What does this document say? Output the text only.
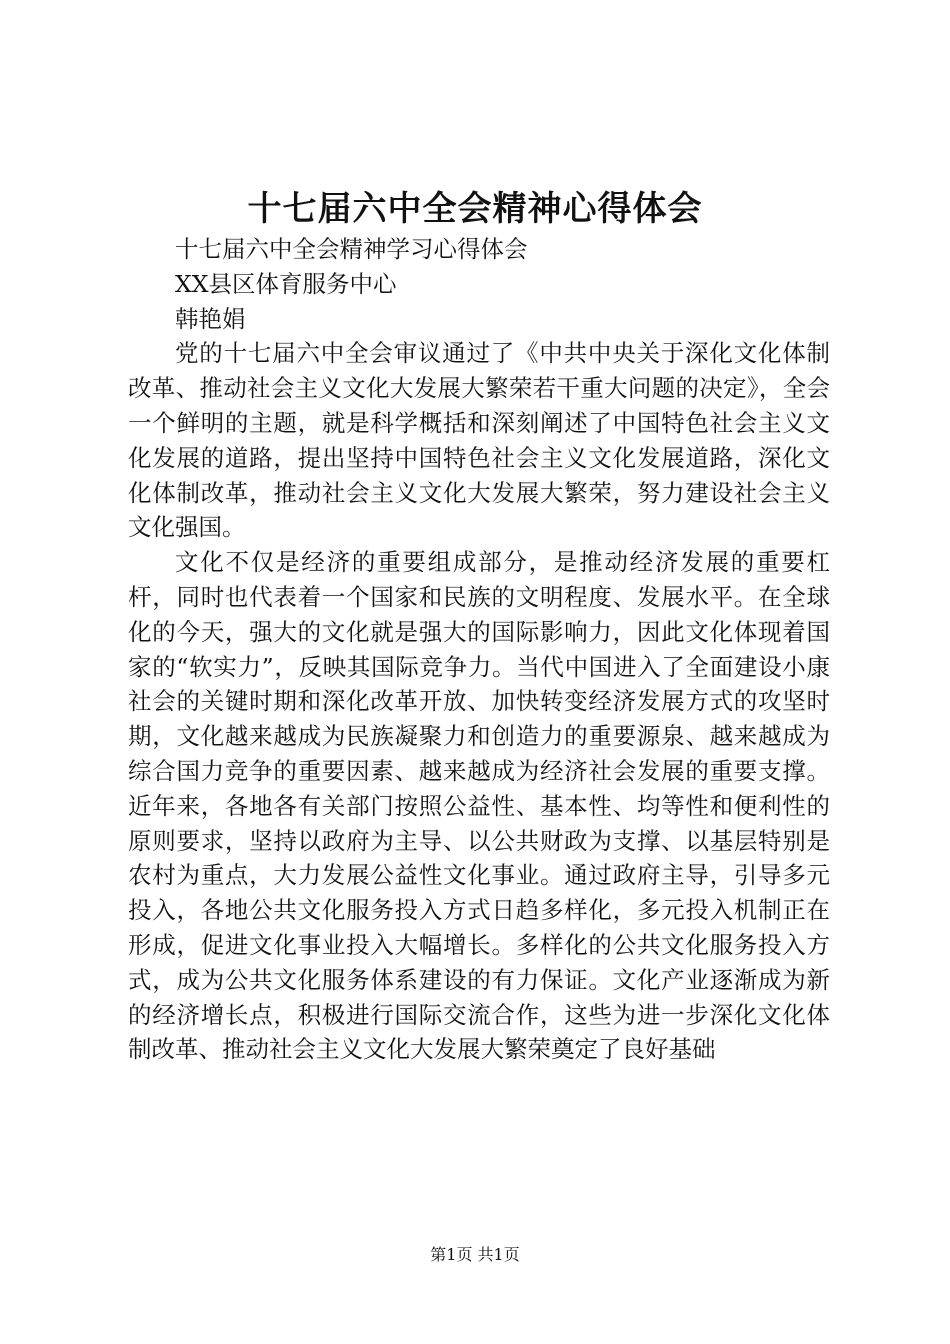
十七届六中全会精神心得体会

十七届六中全会精神学习心得体会

XX县区体育服务中心

韩艳娟

党的十七届六中全会审议通过了《中共中央关于深化文化体制改革、推动社会主义文化大发展大繁荣若干重大问题的决定》，全会一个鲜明的主题，就是科学概括和深刻阐述了中国特色社会主义文化发展的道路，提出坚持中国特色社会主义文化发展道路，深化文化体制改革，推动社会主义文化大发展大繁荣，努力建设社会主义文化强国。

文化不仅是经济的重要组成部分，是推动经济发展的重要杠杆，同时也代表着一个国家和民族的文明程度、发展水平。在全球化的今天，强大的文化就是强大的国际影响力，因此文化体现着国家的“软实力”，反映其国际竞争力。当代中国进入了全面建设小康社会的关键时期和深化改革开放、加快转变经济发展方式的攻坚时期，文化越来越成为民族凝聚力和创造力的重要源泉、越来越成为综合国力竞争的重要因素、越来越成为经济社会发展的重要支撑。近年来，各地各有关部门按照公益性、基本性、均等性和便利性的原则要求，坚持以政府为主导、以公共财政为支撑、以基层特别是农村为重点，大力发展公益性文化事业。通过政府主导，引导多元投入，各地公共文化服务投入方式日趋多样化，多元投入机制正在形成，促进文化事业投入大幅增长。多样化的公共文化服务投入方式，成为公共文化服务体系建设的有力保证。文化产业逐渐成为新的经济增长点，积极进行国际交流合作，这些为进一步深化文化体制改革、推动社会主义文化大发展大繁荣奠定了良好基础

第1页 共1页
